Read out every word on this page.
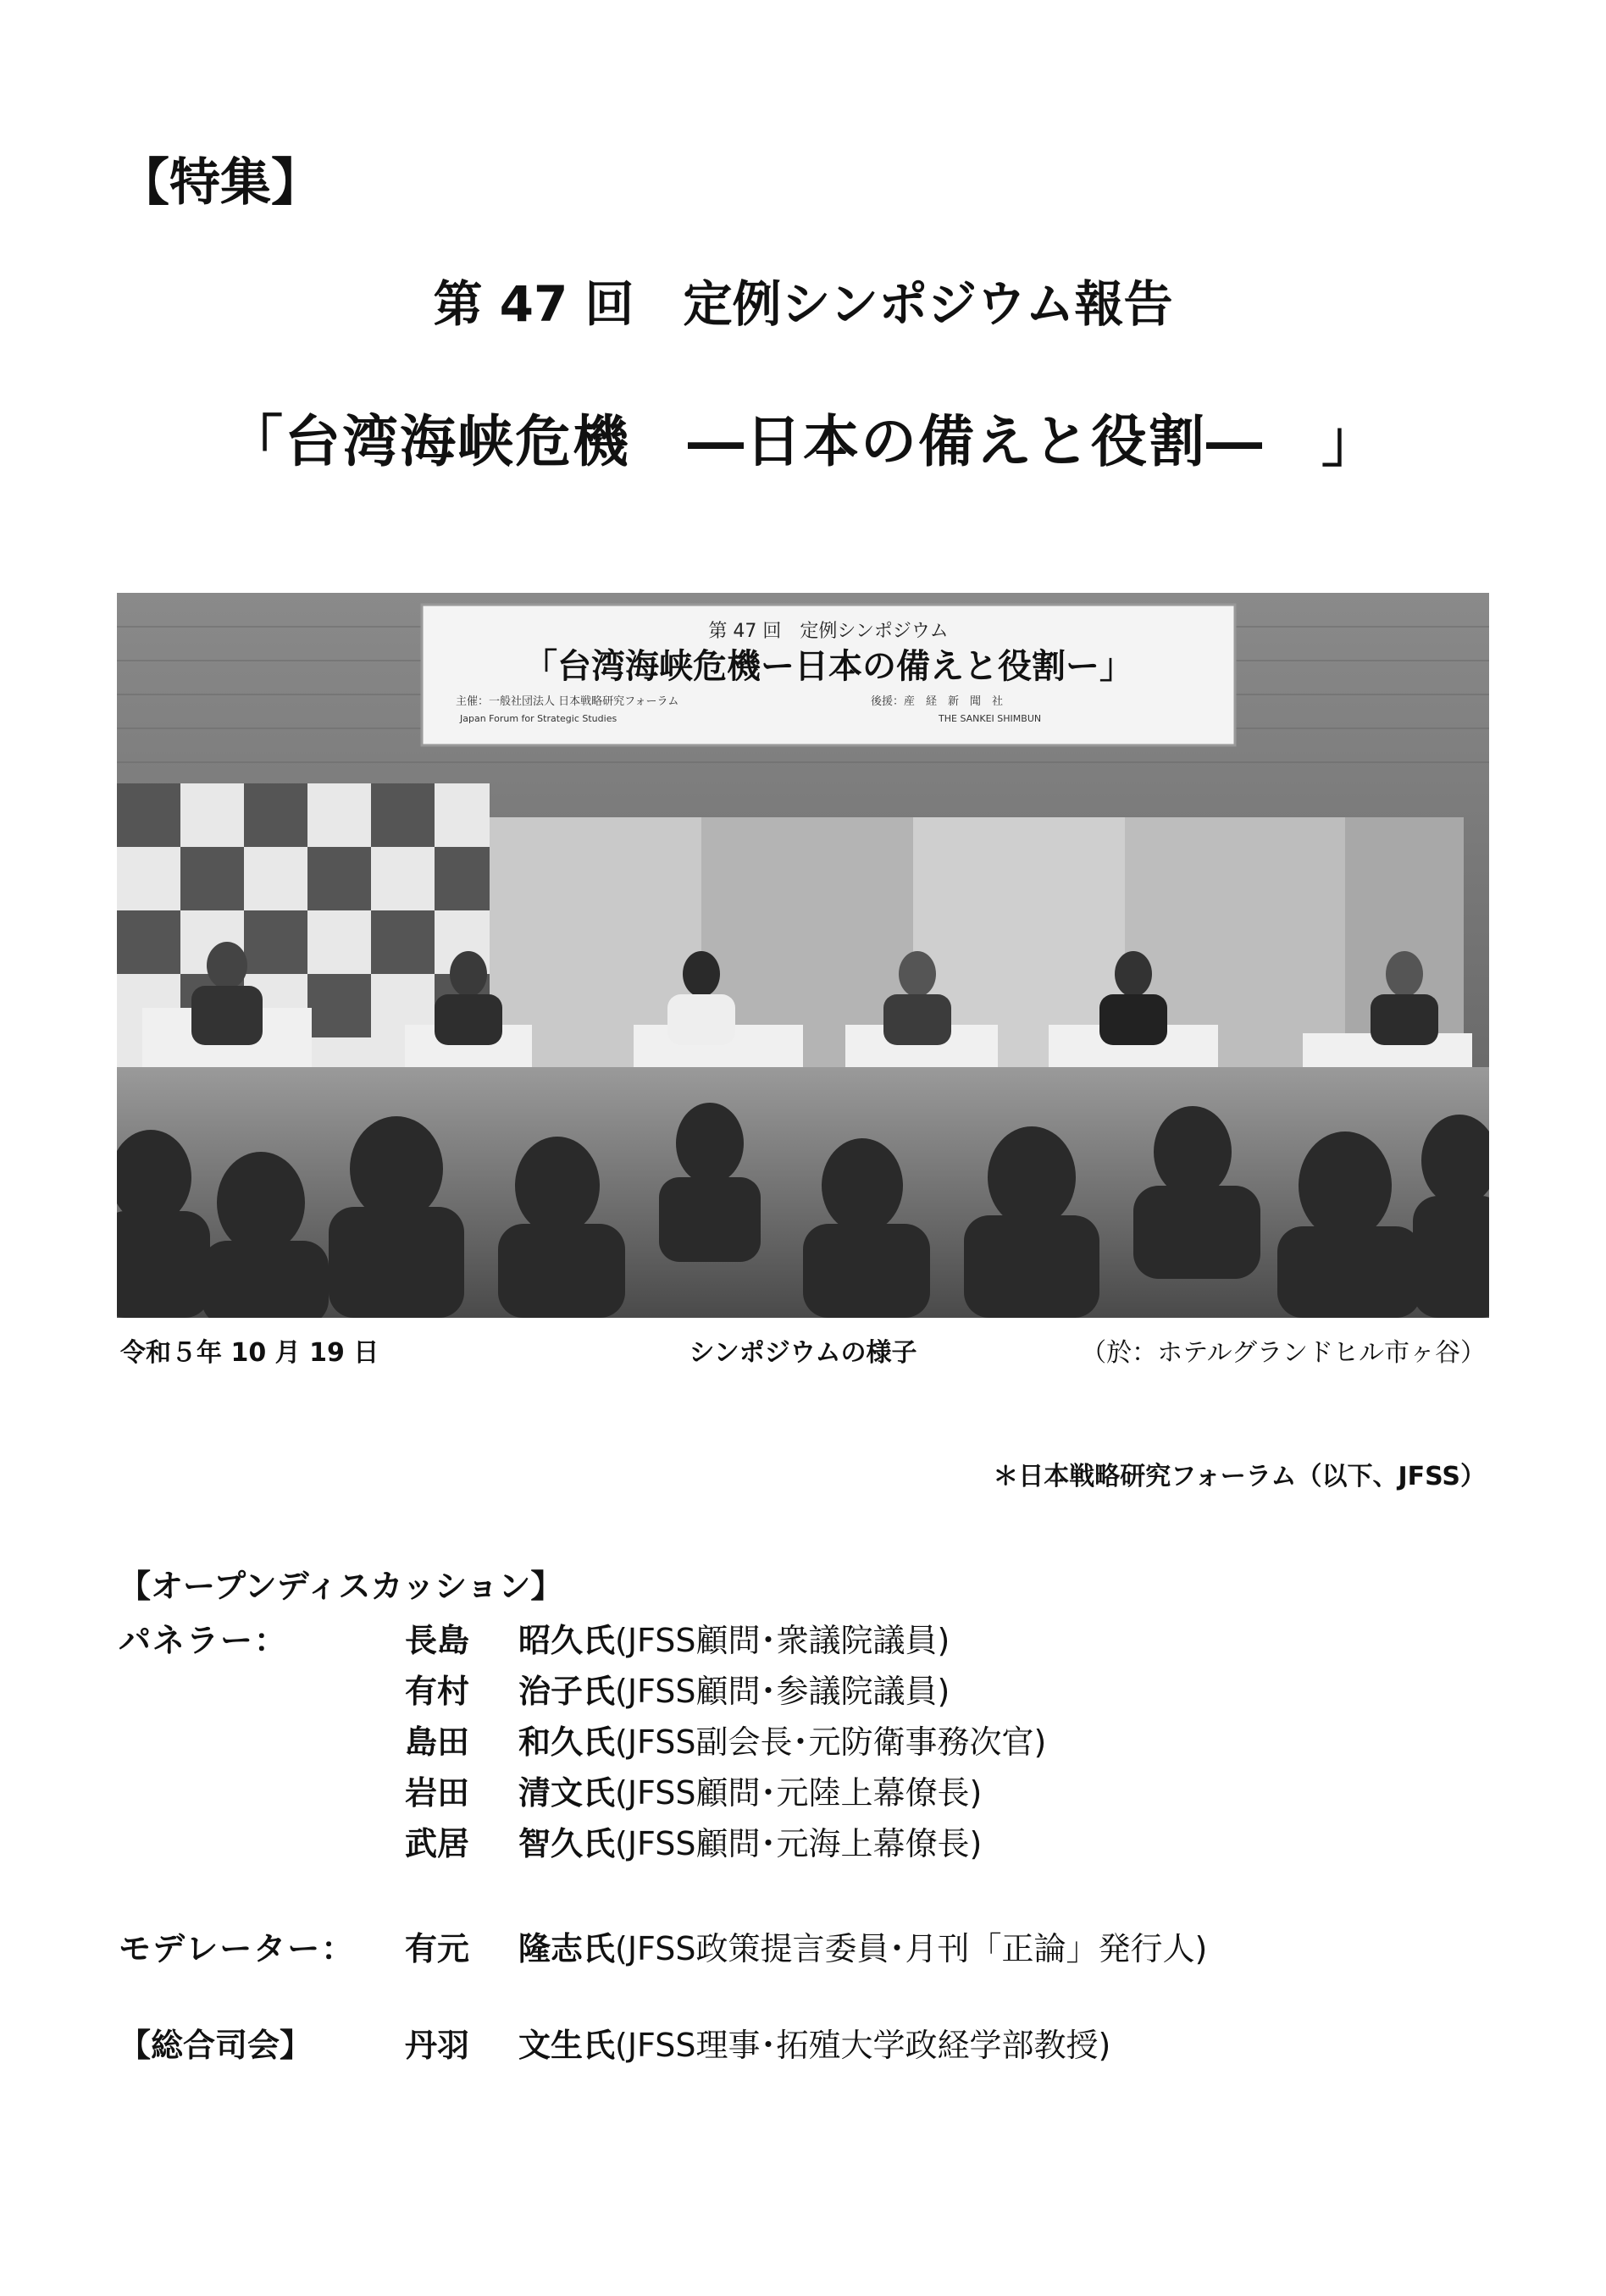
【特集】
第 47 回　定例シンポジウム報告
「台湾海峡危機　―日本の備えと役割―　」
第 47 回　定例シンポジウム
「台湾海峡危機ー日本の備えと役割ー」
主催：一般社団法人 日本戦略研究フォーラム
Japan Forum for Strategic Studies
後援：産　経　新　聞　社
THE SANKEI SHIMBUN
令和５年 10 月 19 日	シンポジウムの様子	（於：ホテルグランドヒル市ヶ谷）
＊日本戦略研究フォーラム（以下、JFSS）
【オープンディスカッション】
パネラー：	長島 昭久氏(JFSS顧問･衆議院議員)
有村 治子氏(JFSS顧問･参議院議員)
島田 和久氏(JFSS副会長･元防衛事務次官)
岩田 清文氏(JFSS顧問･元陸上幕僚長)
武居 智久氏(JFSS顧問･元海上幕僚長)
モデレーター： 有元 隆志氏(JFSS政策提言委員･月刊「正論」発行人)
【総合司会】	丹羽 文生氏(JFSS理事･拓殖大学政経学部教授)
